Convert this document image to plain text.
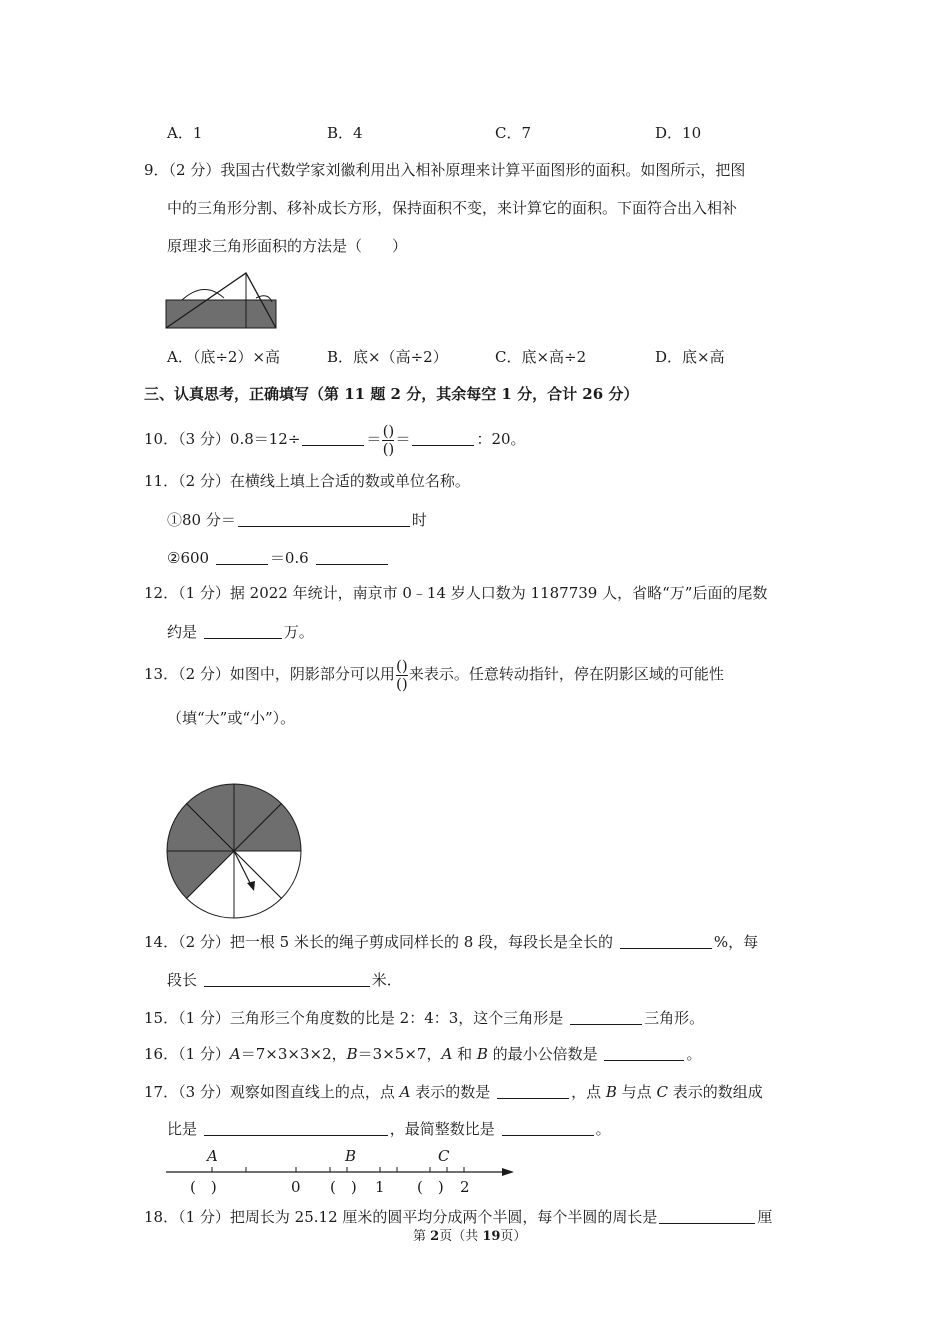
A．1	B．4	C．7	D．10
9．（2 分）我国古代数学家刘徽利用出入相补原理来计算平面图形的面积。如图所示，把图
中的三角形分割、移补成长方形，保持面积不变，来计算它的面积。下面符合出入相补
原理求三角形面积的方法是（　　）
A．（底÷2）×高	B．底×（高÷2）	C．底×高÷2	D．底×高
三、认真思考，正确填写（第 11 题 2 分，其余每空 1 分，合计 26 分）
10．（3 分）0.8＝12÷	＝ $\frac{()}{()}$ ＝	：20。
11．（2 分）在横线上填上合适的数或单位名称。
①80 分＝	时
②600	＝0.6
12．（1 分）据 2022 年统计，南京市 0﹣14 岁人口数为 1187739 人，省略“万”后面的尾数
约是	万。
13．（2 分）如图中，阴影部分可以用 $\frac{()}{()}$ 来表示。任意转动指针，停在阴影区域的可能性
（填“大”或“小”）。
14．（2 分）把一根 5 米长的绳子剪成同样长的 8 段，每段长是全长的	%，每
段长	米．
15．（1 分）三角形三个角度数的比是 2：4：3，这个三角形是	三角形。
16．（1 分）A＝7×3×3×2，B＝3×5×7，A 和 B 的最小公倍数是	。
17．（3 分）观察如图直线上的点，点 A 表示的数是	，点 B 与点 C 表示的数组成
比是	，最简整数比是	。
A	B	C
(　)	0 (　) 1 (　) 2
18．（1 分）把周长为 25.12 厘米的圆平均分成两个半圆，每个半圆的周长是	厘
第 2页（共 19页）
